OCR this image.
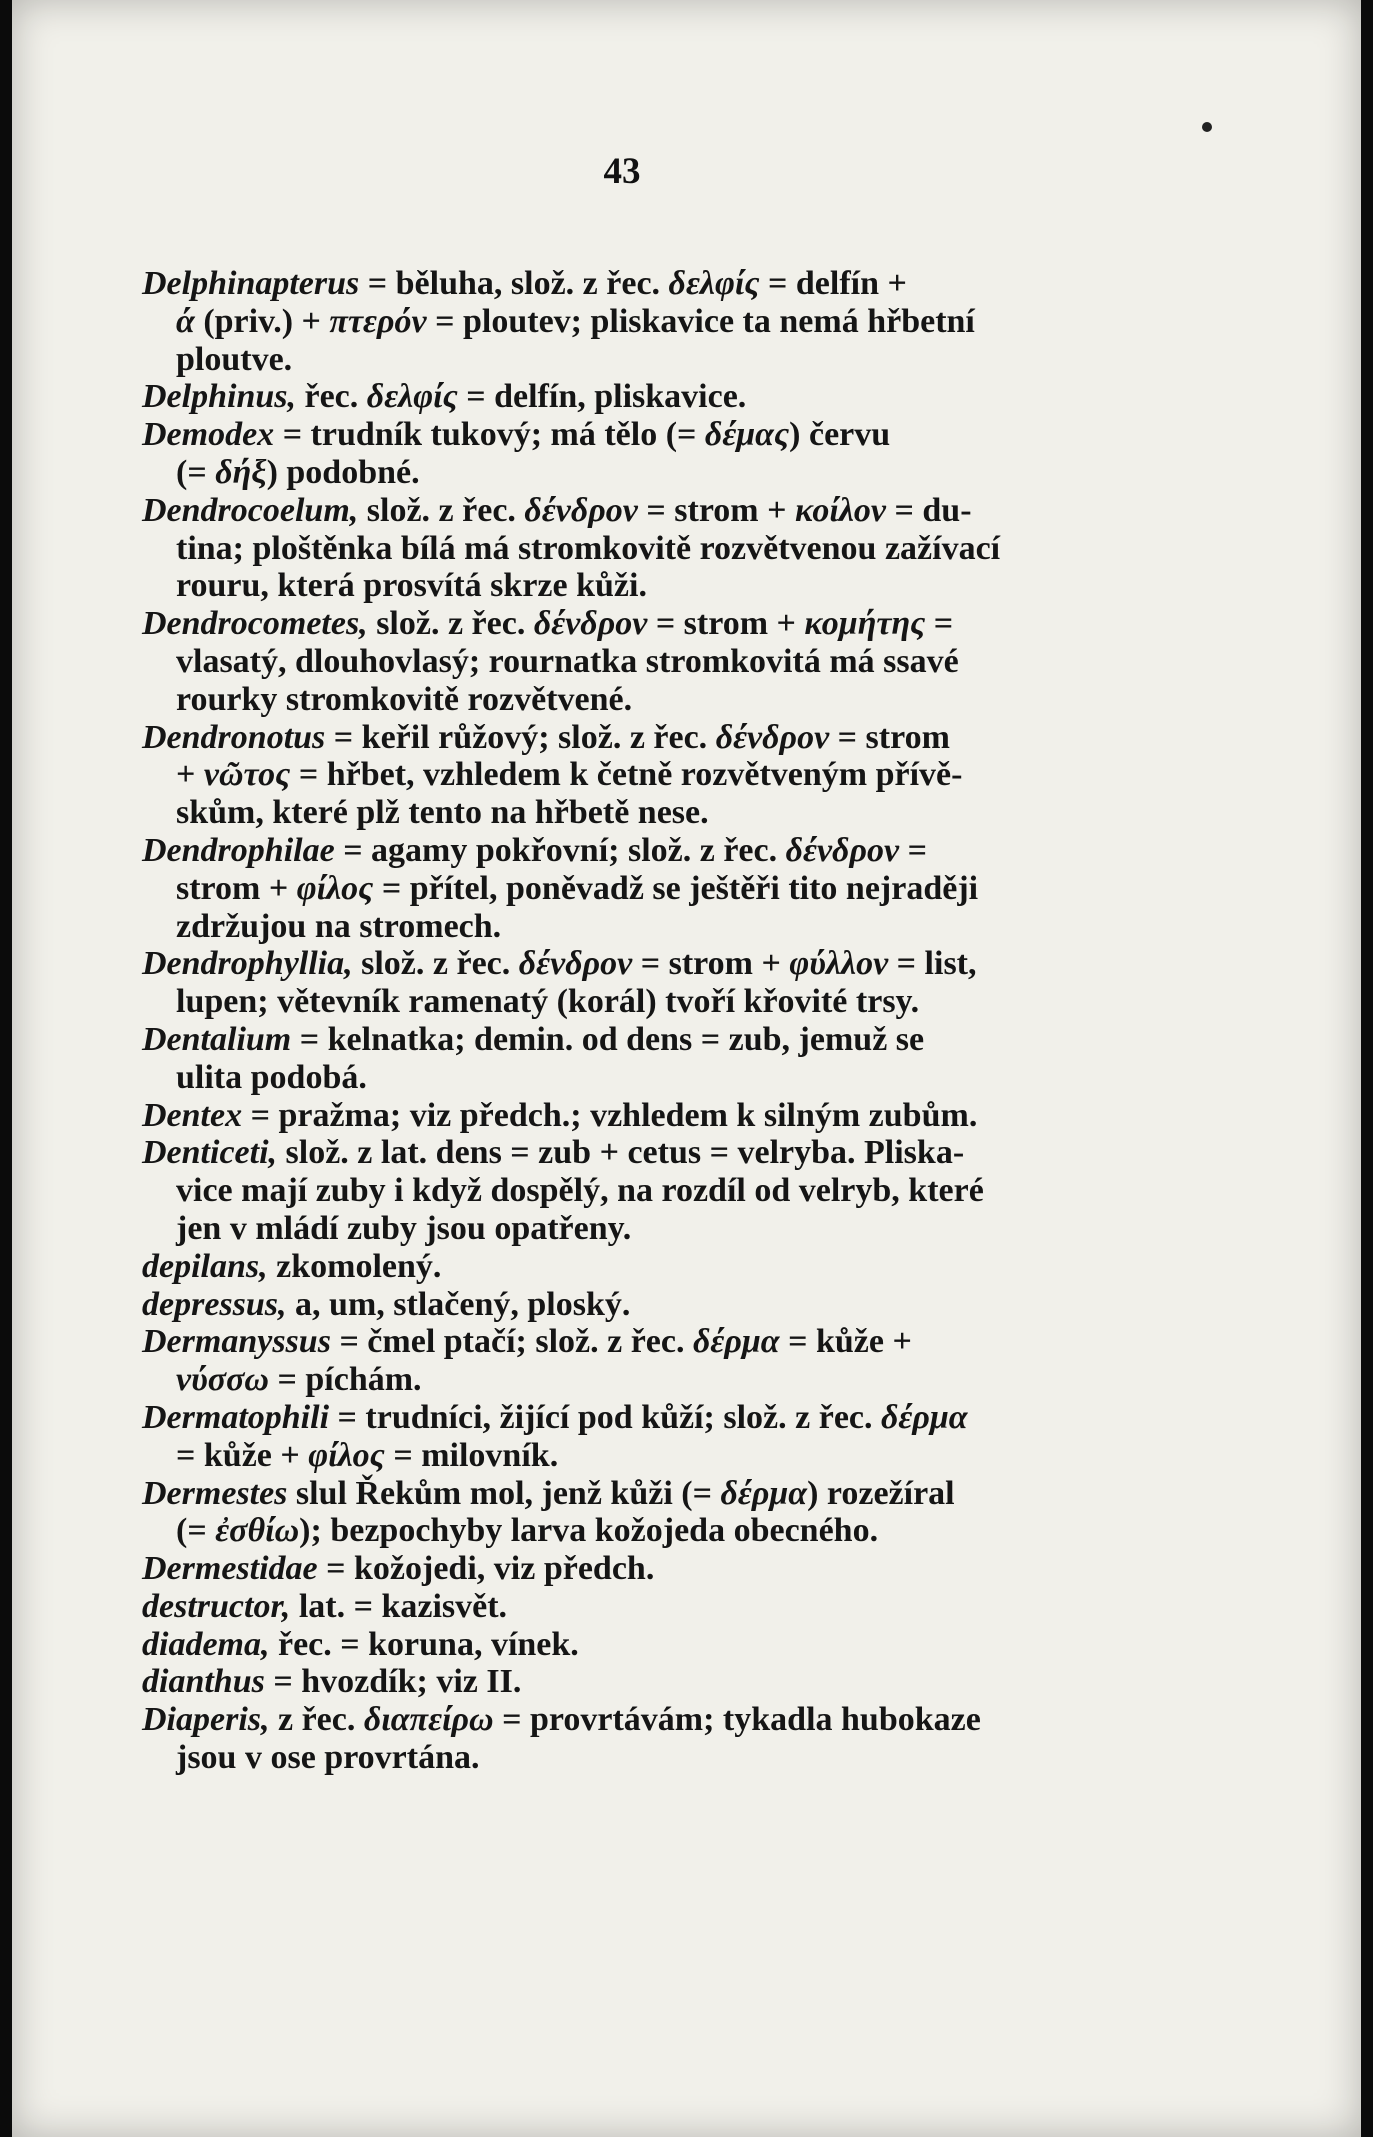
43

Delphinapterus = běluha, slož. z řec. δελφίς = delfín +

ά (priv.) + πτερόν = ploutev; pliskavice ta nemá hřbetní

ploutve.

Delphinus, řec. δελφίς = delfín, pliskavice.

Demodex = trudník tukový; má tělo (= δέμας) červu

(= δήξ) podobné.

Dendrocoelum, slož. z řec. δένδρον = strom + κοίλον = du-

tina; ploštěnka bílá má stromkovitě rozvětvenou zažívací

rouru, která prosvítá skrze kůži.

Dendrocometes, slož. z řec. δένδρον = strom + κομήτης =

vlasatý, dlouhovlasý; rournatka stromkovitá má ssavé

rourky stromkovitě rozvětvené.

Dendronotus = keřil růžový; slož. z řec. δένδρον = strom

+ νῶτος = hřbet, vzhledem k četně rozvětveným přívě-

skům, které plž tento na hřbetě nese.

Dendrophilae = agamy pokřovní; slož. z řec. δένδρον =

strom + φίλος = přítel, poněvadž se ještěři tito nejraději

zdržujou na stromech.

Dendrophyllia, slož. z řec. δένδρον = strom + φύλλον = list,

lupen; větevník ramenatý (korál) tvoří křovité trsy.

Dentalium = kelnatka; demin. od dens = zub, jemuž se

ulita podobá.

Dentex = pražma; viz předch.; vzhledem k silným zubům.

Denticeti, slož. z lat. dens = zub + cetus = velryba. Pliska-

vice mají zuby i když dospělý, na rozdíl od velryb, které

jen v mládí zuby jsou opatřeny.

depilans, zkomolený.

depressus, a, um, stlačený, ploský.

Dermanyssus = čmel ptačí; slož. z řec. δέρμα = kůže +

νύσσω = píchám.

Dermatophili = trudníci, žijící pod kůží; slož. z řec. δέρμα

= kůže + φίλος = milovník.

Dermestes slul Řekům mol, jenž kůži (= δέρμα) rozežíral

(= ἐσθίω); bezpochyby larva kožojeda obecného.

Dermestidae = kožojedi, viz předch.

destructor, lat. = kazisvět.

diadema, řec. = koruna, vínek.

dianthus = hvozdík; viz II.

Diaperis, z řec. διαπείρω = provrtávám; tykadla hubokaze

jsou v ose provrtána.
